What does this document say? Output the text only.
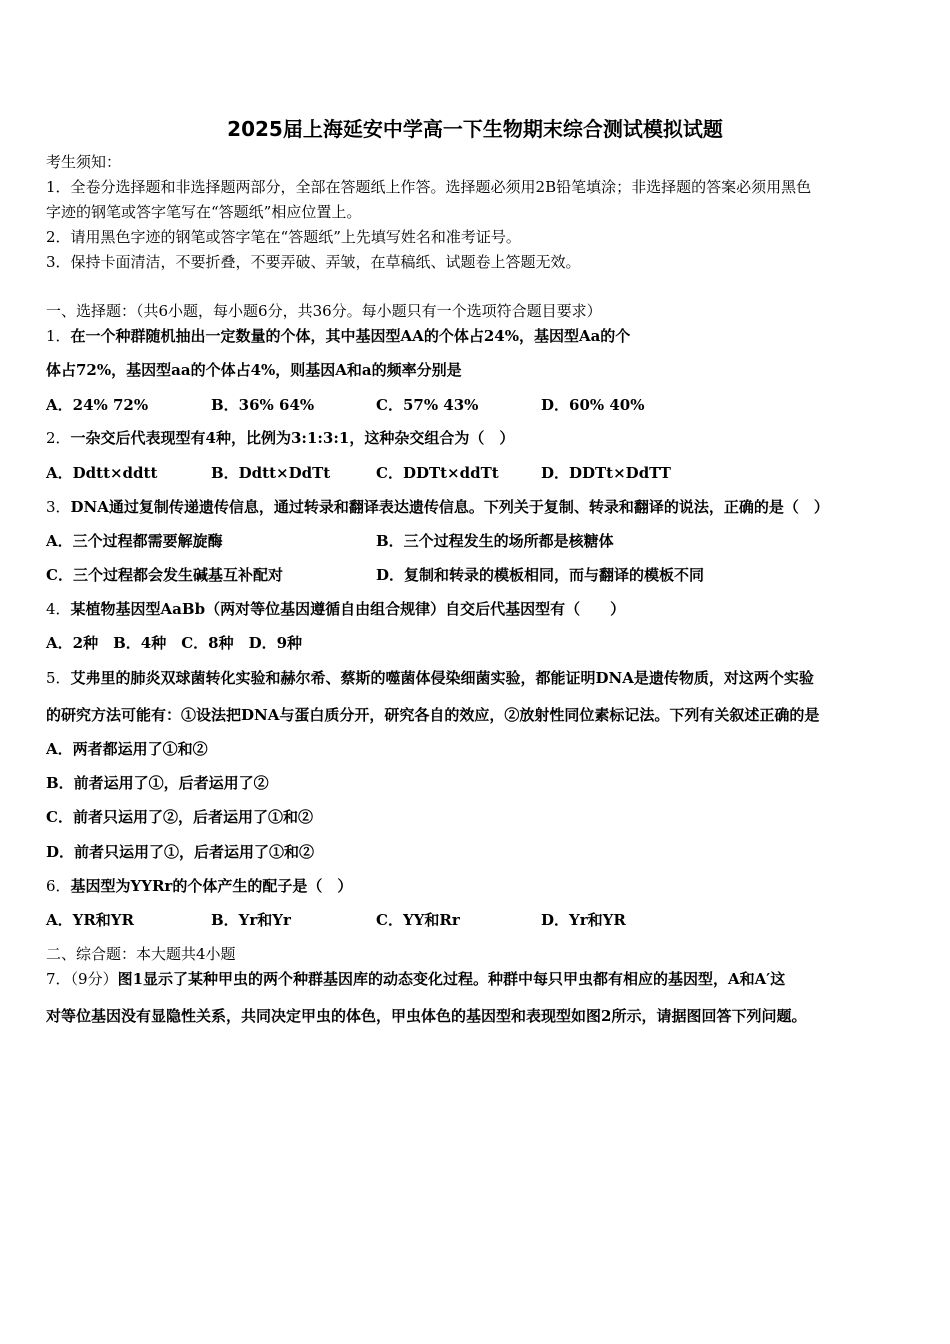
2025届上海延安中学高一下生物期末综合测试模拟试题
考生须知：
1．全卷分选择题和非选择题两部分，全部在答题纸上作答。选择题必须用2B铅笔填涂；非选择题的答案必须用黑色
字迹的钢笔或答字笔写在“答题纸”相应位置上。
2．请用黑色字迹的钢笔或答字笔在“答题纸”上先填写姓名和准考证号。
3．保持卡面清洁，不要折叠，不要弄破、弄皱，在草稿纸、试题卷上答题无效。
一、选择题：（共6小题，每小题6分，共36分。每小题只有一个选项符合题目要求）
1．在一个种群随机抽出一定数量的个体，其中基因型AA的个体占24%，基因型Aa的个
体占72%，基因型aa的个体占4%，则基因A和a的频率分别是
A．24% 72%	B．36% 64%	C．57% 43%	D．60% 40%
2．一杂交后代表现型有4种，比例为3:1:3:1，这种杂交组合为（　）
A．Ddtt×ddtt	B．Ddtt×DdTt	C．DDTt×ddTt	D．DDTt×DdTT
3．DNA通过复制传递遗传信息，通过转录和翻译表达遗传信息。下列关于复制、转录和翻译的说法，正确的是（　）
A．三个过程都需要解旋酶	B．三个过程发生的场所都是核糖体
C．三个过程都会发生碱基互补配对	D．复制和转录的模板相同，而与翻译的模板不同
4．某植物基因型AaBb（两对等位基因遵循自由组合规律）自交后代基因型有（　　）
A．2种　B．4种　C．8种　D．9种
5．艾弗里的肺炎双球菌转化实验和赫尔希、蔡斯的噬菌体侵染细菌实验，都能证明DNA是遗传物质，对这两个实验
的研究方法可能有：①设法把DNA与蛋白质分开，研究各自的效应，②放射性同位素标记法。下列有关叙述正确的是
A．两者都运用了①和②
B．前者运用了①，后者运用了②
C．前者只运用了②，后者运用了①和②
D．前者只运用了①，后者运用了①和②
6．基因型为YYRr的个体产生的配子是（　）
A．YR和YR	B．Yr和Yr	C．YY和Rr	D．Yr和YR
二、综合题：本大题共4小题
7．（9分）图1显示了某种甲虫的两个种群基因库的动态变化过程。种群中每只甲虫都有相应的基因型，A和A′这
对等位基因没有显隐性关系，共同决定甲虫的体色，甲虫体色的基因型和表现型如图2所示，请据图回答下列问题。
